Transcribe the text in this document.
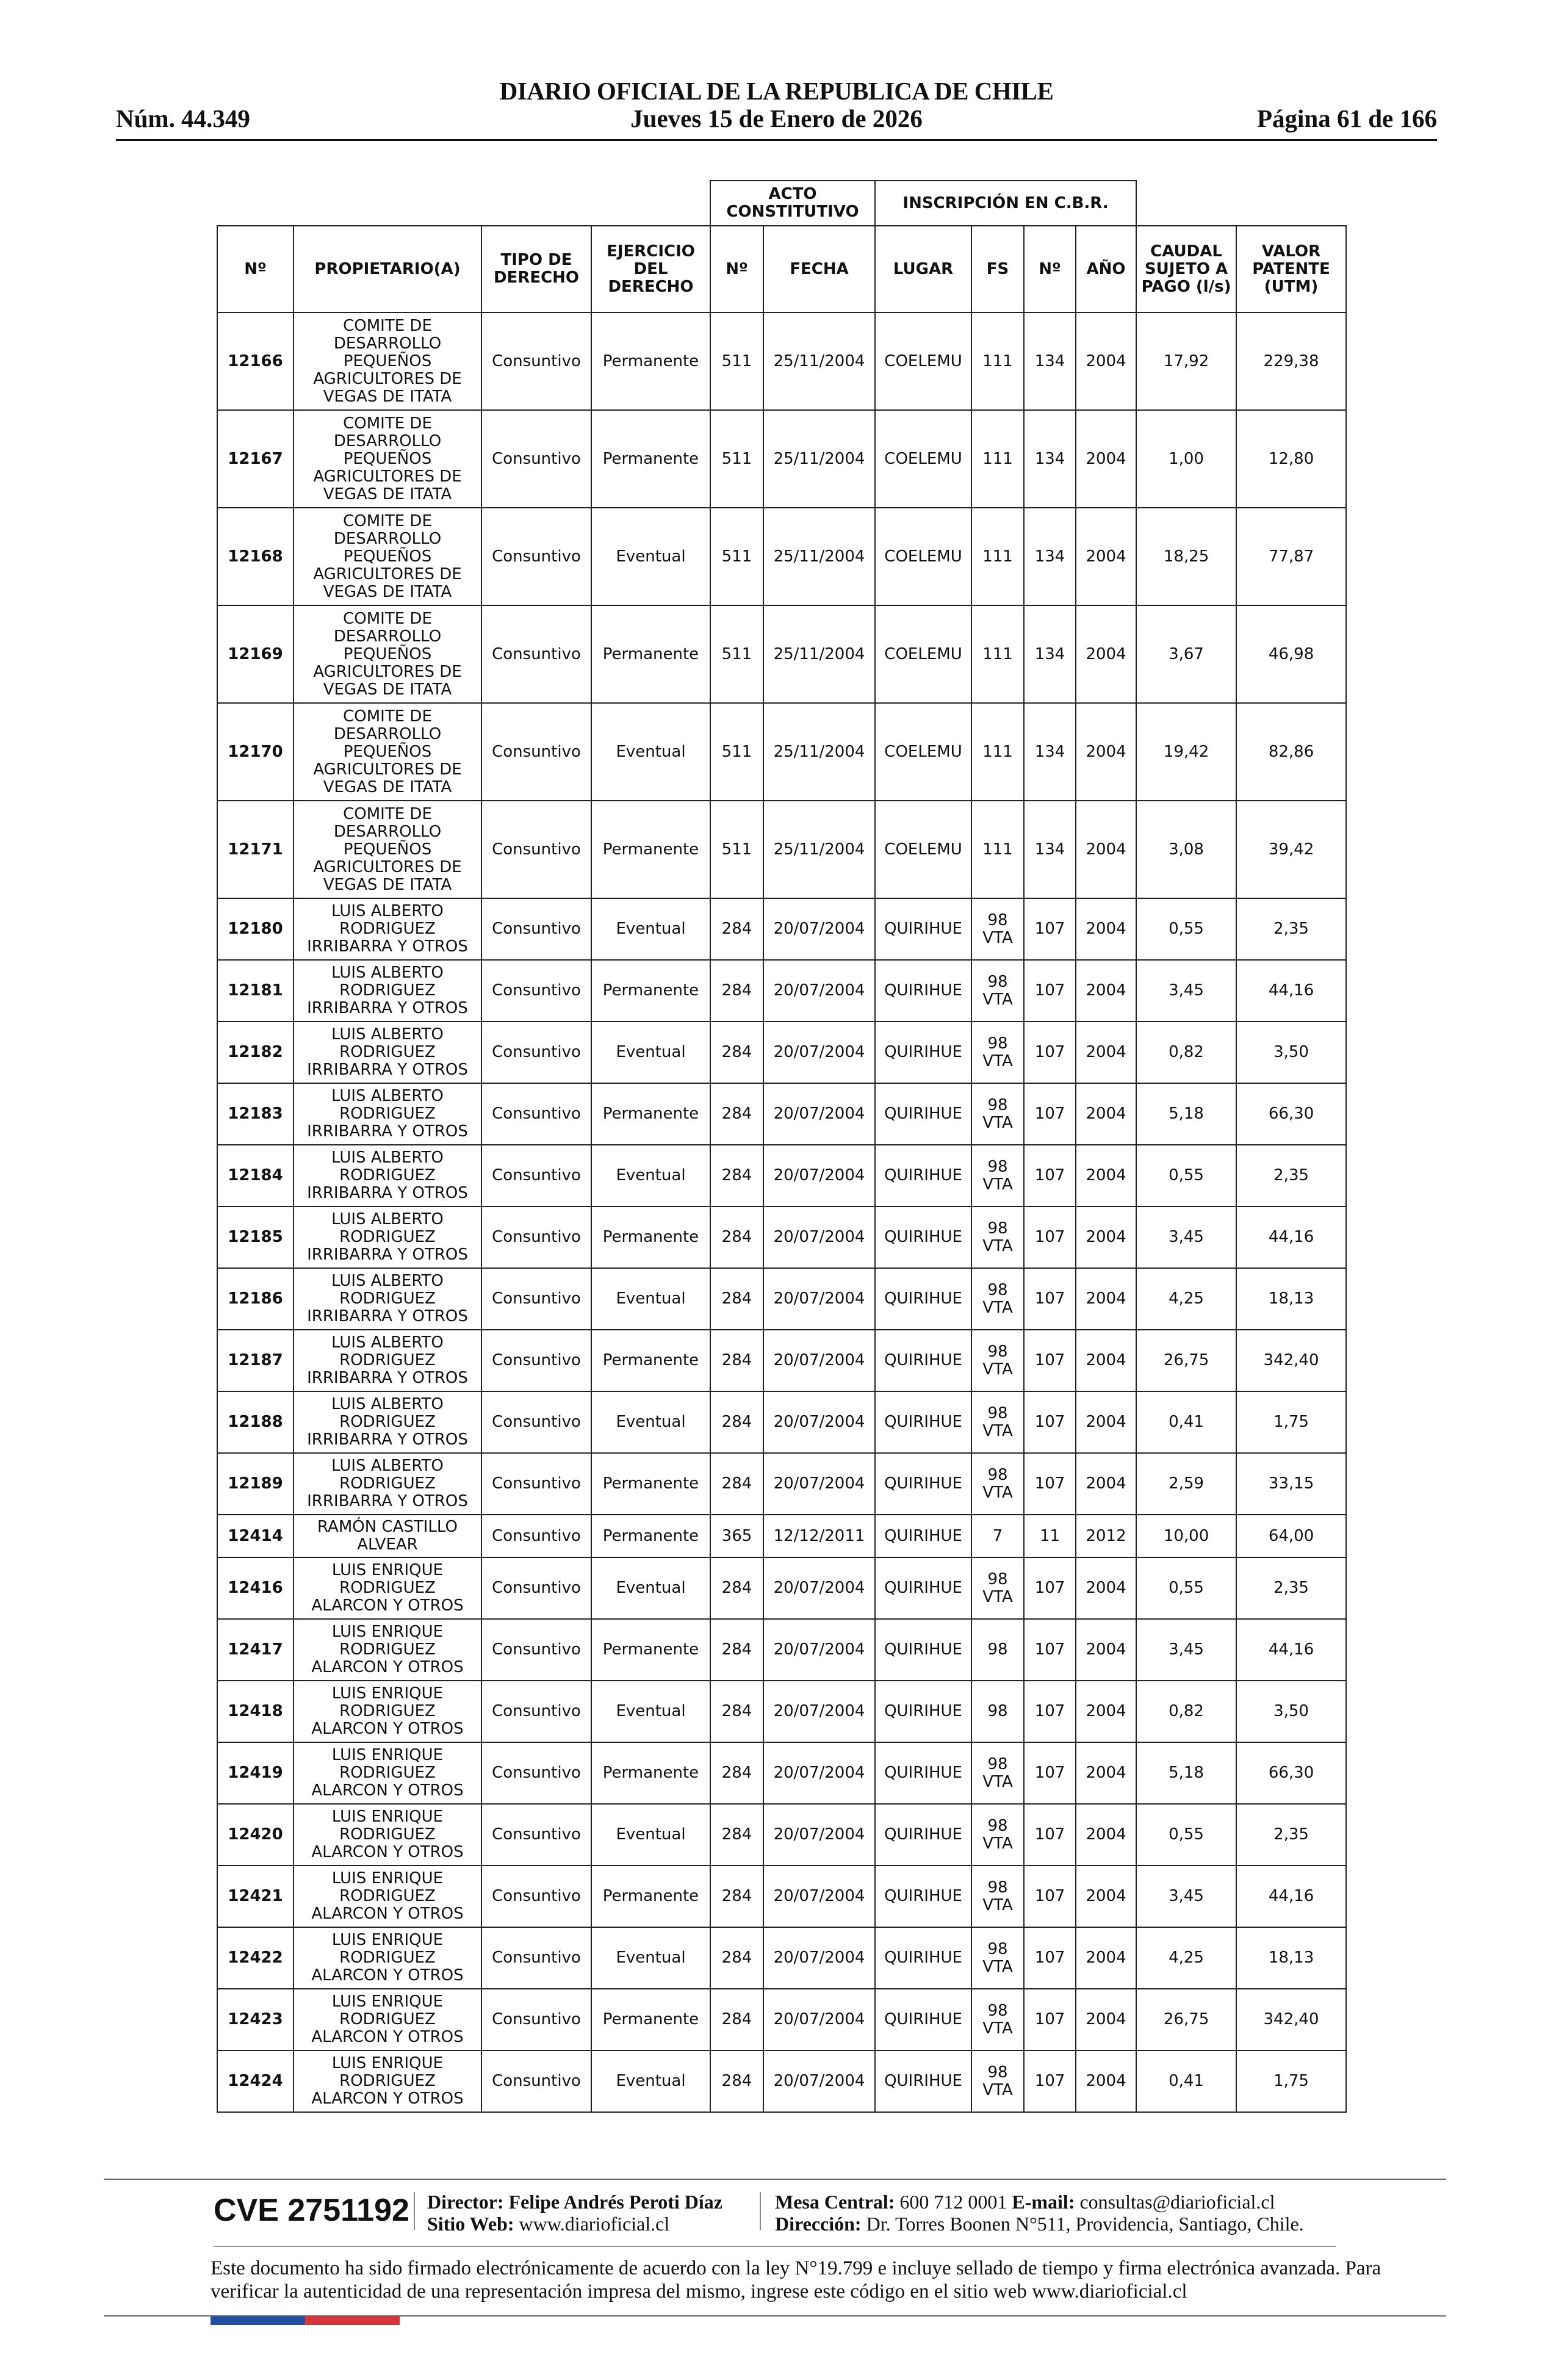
DIARIO OFICIAL DE LA REPUBLICA DE CHILE
Núm. 44.349	Jueves 15 de Enero de 2026	Página 61 de 166
				ACTO CONSTITUTIVO		INSCRIPCIÓN EN C.B.R.					
Nº	PROPIETARIO(A)	TIPO DE DERECHO	EJERCICIO DEL DERECHO	Nº	FECHA	LUGAR	FS	Nº	AÑO	CAUDAL SUJETO A PAGO (l/s)	VALOR PATENTE (UTM)
12166	COMITE DE DESARROLLO PEQUEÑOS AGRICULTORES DE VEGAS DE ITATA	Consuntivo	Permanente	511	25/11/2004	COELEMU	111	134	2004	17,92	229,38
12167	COMITE DE DESARROLLO PEQUEÑOS AGRICULTORES DE VEGAS DE ITATA	Consuntivo	Permanente	511	25/11/2004	COELEMU	111	134	2004	1,00	12,80
12168	COMITE DE DESARROLLO PEQUEÑOS AGRICULTORES DE VEGAS DE ITATA	Consuntivo	Eventual	511	25/11/2004	COELEMU	111	134	2004	18,25	77,87
12169	COMITE DE DESARROLLO PEQUEÑOS AGRICULTORES DE VEGAS DE ITATA	Consuntivo	Permanente	511	25/11/2004	COELEMU	111	134	2004	3,67	46,98
12170	COMITE DE DESARROLLO PEQUEÑOS AGRICULTORES DE VEGAS DE ITATA	Consuntivo	Eventual	511	25/11/2004	COELEMU	111	134	2004	19,42	82,86
12171	COMITE DE DESARROLLO PEQUEÑOS AGRICULTORES DE VEGAS DE ITATA	Consuntivo	Permanente	511	25/11/2004	COELEMU	111	134	2004	3,08	39,42
12180	LUIS ALBERTO RODRIGUEZ IRRIBARRA Y OTROS	Consuntivo	Eventual	284	20/07/2004	QUIRIHUE	98 VTA	107	2004	0,55	2,35
12181	LUIS ALBERTO RODRIGUEZ IRRIBARRA Y OTROS	Consuntivo	Permanente	284	20/07/2004	QUIRIHUE	98 VTA	107	2004	3,45	44,16
12182	LUIS ALBERTO RODRIGUEZ IRRIBARRA Y OTROS	Consuntivo	Eventual	284	20/07/2004	QUIRIHUE	98 VTA	107	2004	0,82	3,50
12183	LUIS ALBERTO RODRIGUEZ IRRIBARRA Y OTROS	Consuntivo	Permanente	284	20/07/2004	QUIRIHUE	98 VTA	107	2004	5,18	66,30
12184	LUIS ALBERTO RODRIGUEZ IRRIBARRA Y OTROS	Consuntivo	Eventual	284	20/07/2004	QUIRIHUE	98 VTA	107	2004	0,55	2,35
12185	LUIS ALBERTO RODRIGUEZ IRRIBARRA Y OTROS	Consuntivo	Permanente	284	20/07/2004	QUIRIHUE	98 VTA	107	2004	3,45	44,16
12186	LUIS ALBERTO RODRIGUEZ IRRIBARRA Y OTROS	Consuntivo	Eventual	284	20/07/2004	QUIRIHUE	98 VTA	107	2004	4,25	18,13
12187	LUIS ALBERTO RODRIGUEZ IRRIBARRA Y OTROS	Consuntivo	Permanente	284	20/07/2004	QUIRIHUE	98 VTA	107	2004	26,75	342,40
12188	LUIS ALBERTO RODRIGUEZ IRRIBARRA Y OTROS	Consuntivo	Eventual	284	20/07/2004	QUIRIHUE	98 VTA	107	2004	0,41	1,75
12189	LUIS ALBERTO RODRIGUEZ IRRIBARRA Y OTROS	Consuntivo	Permanente	284	20/07/2004	QUIRIHUE	98 VTA	107	2004	2,59	33,15
12414	RAMÓN CASTILLO ALVEAR	Consuntivo	Permanente	365	12/12/2011	QUIRIHUE	7	11	2012	10,00	64,00
12416	LUIS ENRIQUE RODRIGUEZ ALARCON Y OTROS	Consuntivo	Eventual	284	20/07/2004	QUIRIHUE	98 VTA	107	2004	0,55	2,35
12417	LUIS ENRIQUE RODRIGUEZ ALARCON Y OTROS	Consuntivo	Permanente	284	20/07/2004	QUIRIHUE	98	107	2004	3,45	44,16
12418	LUIS ENRIQUE RODRIGUEZ ALARCON Y OTROS	Consuntivo	Eventual	284	20/07/2004	QUIRIHUE	98	107	2004	0,82	3,50
12419	LUIS ENRIQUE RODRIGUEZ ALARCON Y OTROS	Consuntivo	Permanente	284	20/07/2004	QUIRIHUE	98 VTA	107	2004	5,18	66,30
12420	LUIS ENRIQUE RODRIGUEZ ALARCON Y OTROS	Consuntivo	Eventual	284	20/07/2004	QUIRIHUE	98 VTA	107	2004	0,55	2,35
12421	LUIS ENRIQUE RODRIGUEZ ALARCON Y OTROS	Consuntivo	Permanente	284	20/07/2004	QUIRIHUE	98 VTA	107	2004	3,45	44,16
12422	LUIS ENRIQUE RODRIGUEZ ALARCON Y OTROS	Consuntivo	Eventual	284	20/07/2004	QUIRIHUE	98 VTA	107	2004	4,25	18,13
12423	LUIS ENRIQUE RODRIGUEZ ALARCON Y OTROS	Consuntivo	Permanente	284	20/07/2004	QUIRIHUE	98 VTA	107	2004	26,75	342,40
12424	LUIS ENRIQUE RODRIGUEZ ALARCON Y OTROS	Consuntivo	Eventual	284	20/07/2004	QUIRIHUE	98 VTA	107	2004	0,41	1,75
CVE 2751192 Director: Felipe Andrés Peroti Díaz
Sitio Web: www.diarioficial.cl
Mesa Central: 600 712 0001 E-mail: consultas@diarioficial.cl
Dirección: Dr. Torres Boonen N°511, Providencia, Santiago, Chile.
Este documento ha sido firmado electrónicamente de acuerdo con la ley N°19.799 e incluye sellado de tiempo y firma electrónica avanzada. Para verificar la autenticidad de una representación impresa del mismo, ingrese este código en el sitio web www.diarioficial.cl
